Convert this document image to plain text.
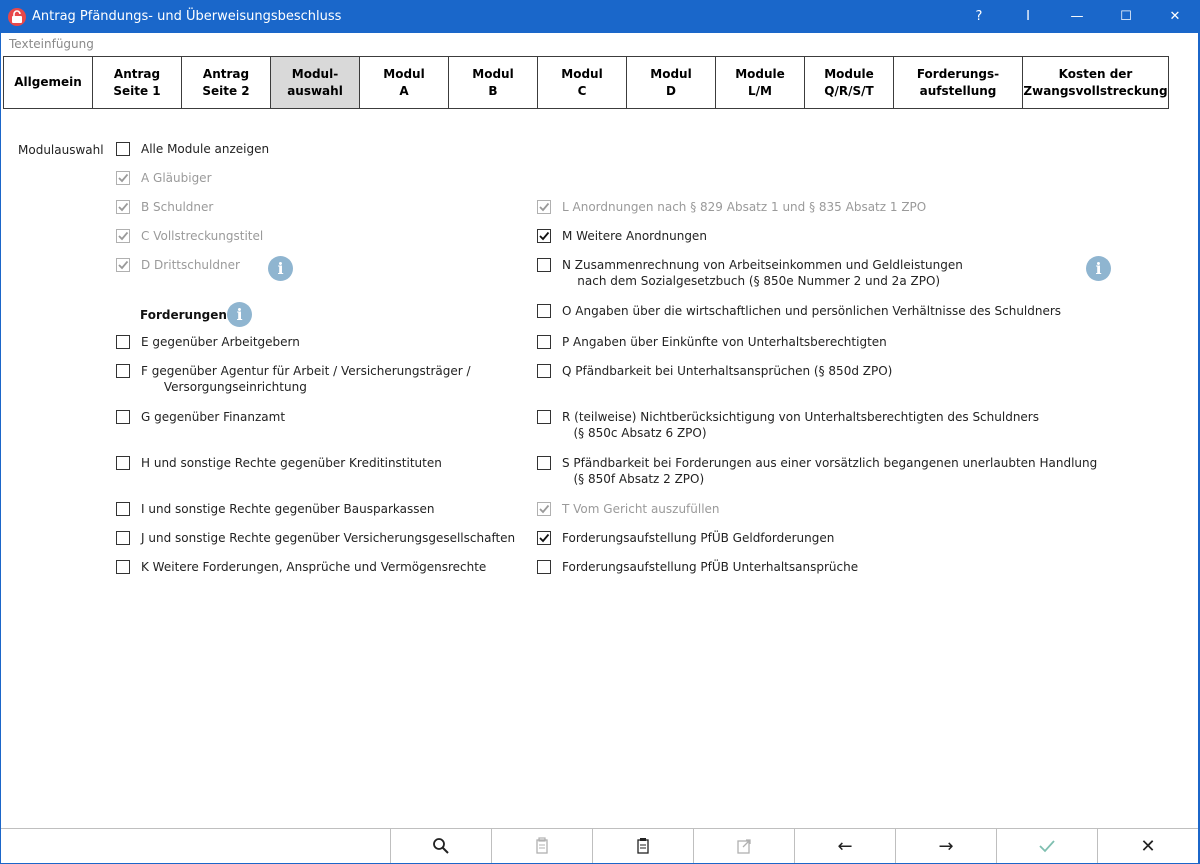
Antrag Pfändungs- und Überweisungsbeschluss	?	I	—	☐	✕
Texteinfügung
Allgemein
Antrag
Seite 1
Antrag
Seite 2
Modul-
auswahl
Modul
A
Modul
B
Modul
C
Modul
D
Module
L/M
Module
Q/R/S/T
Forderungs-
aufstellung
Kosten der
Zwangsvollstreckung
Modulauswahl
Forderungen
i
i
i
←	→	✕
Alle Module anzeigen
A Gläubiger
B Schuldner
C Vollstreckungstitel
D Drittschuldner
E gegenüber Arbeitgebern
F gegenüber Agentur für Arbeit / Versicherungsträger /
Versorgungseinrichtung
G gegenüber Finanzamt
H und sonstige Rechte gegenüber Kreditinstituten
I und sonstige Rechte gegenüber Bausparkassen
J und sonstige Rechte gegenüber Versicherungsgesellschaften
K Weitere Forderungen, Ansprüche und Vermögensrechte
L Anordnungen nach § 829 Absatz 1 und § 835 Absatz 1 ZPO
M Weitere Anordnungen
N Zusammenrechnung von Arbeitseinkommen und Geldleistungen
nach dem Sozialgesetzbuch (§ 850e Nummer 2 und 2a ZPO)
O Angaben über die wirtschaftlichen und persönlichen Verhältnisse des Schuldners
P Angaben über Einkünfte von Unterhaltsberechtigten
Q Pfändbarkeit bei Unterhaltsansprüchen (§ 850d ZPO)
R (teilweise) Nichtberücksichtigung von Unterhaltsberechtigten des Schuldners
(§ 850c Absatz 6 ZPO)
S Pfändbarkeit bei Forderungen aus einer vorsätzlich begangenen unerlaubten Handlung
(§ 850f Absatz 2 ZPO)
T Vom Gericht auszufüllen
Forderungsaufstellung PfÜB Geldforderungen
Forderungsaufstellung PfÜB Unterhaltsansprüche
